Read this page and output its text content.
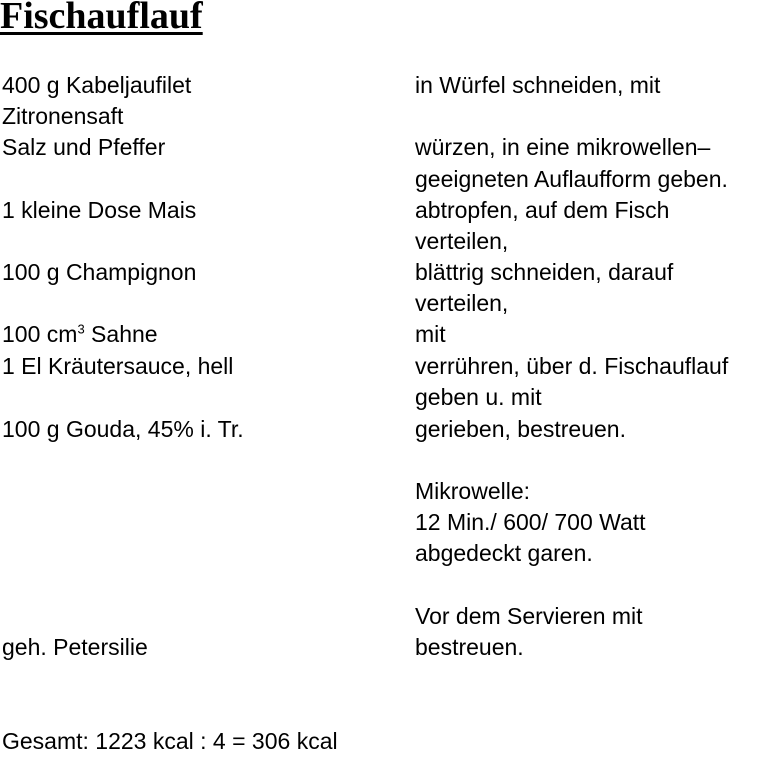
Fischauflauf
400 g Kabeljaufilet
Zitronensaft
Salz und Pfeffer
1 kleine Dose Mais
100 g Champignon
100 $cm^3$ Sahne
1 El Kräutersauce, hell
100 g Gouda, 45% i. Tr.
geh. Petersilie
in Würfel schneiden, mit
würzen, in eine mikrowellen–
geeigneten Auflaufform geben.
abtropfen, auf dem Fisch
verteilen,
blättrig schneiden, darauf
verteilen,
mit
verrühren, über d. Fischauflauf
geben u. mit
gerieben, bestreuen.
Mikrowelle:
12 Min./ 600/ 700 Watt
abgedeckt garen.
Vor dem Servieren mit
bestreuen.
Gesamt: 1223 kcal : 4 = 306 kcal
